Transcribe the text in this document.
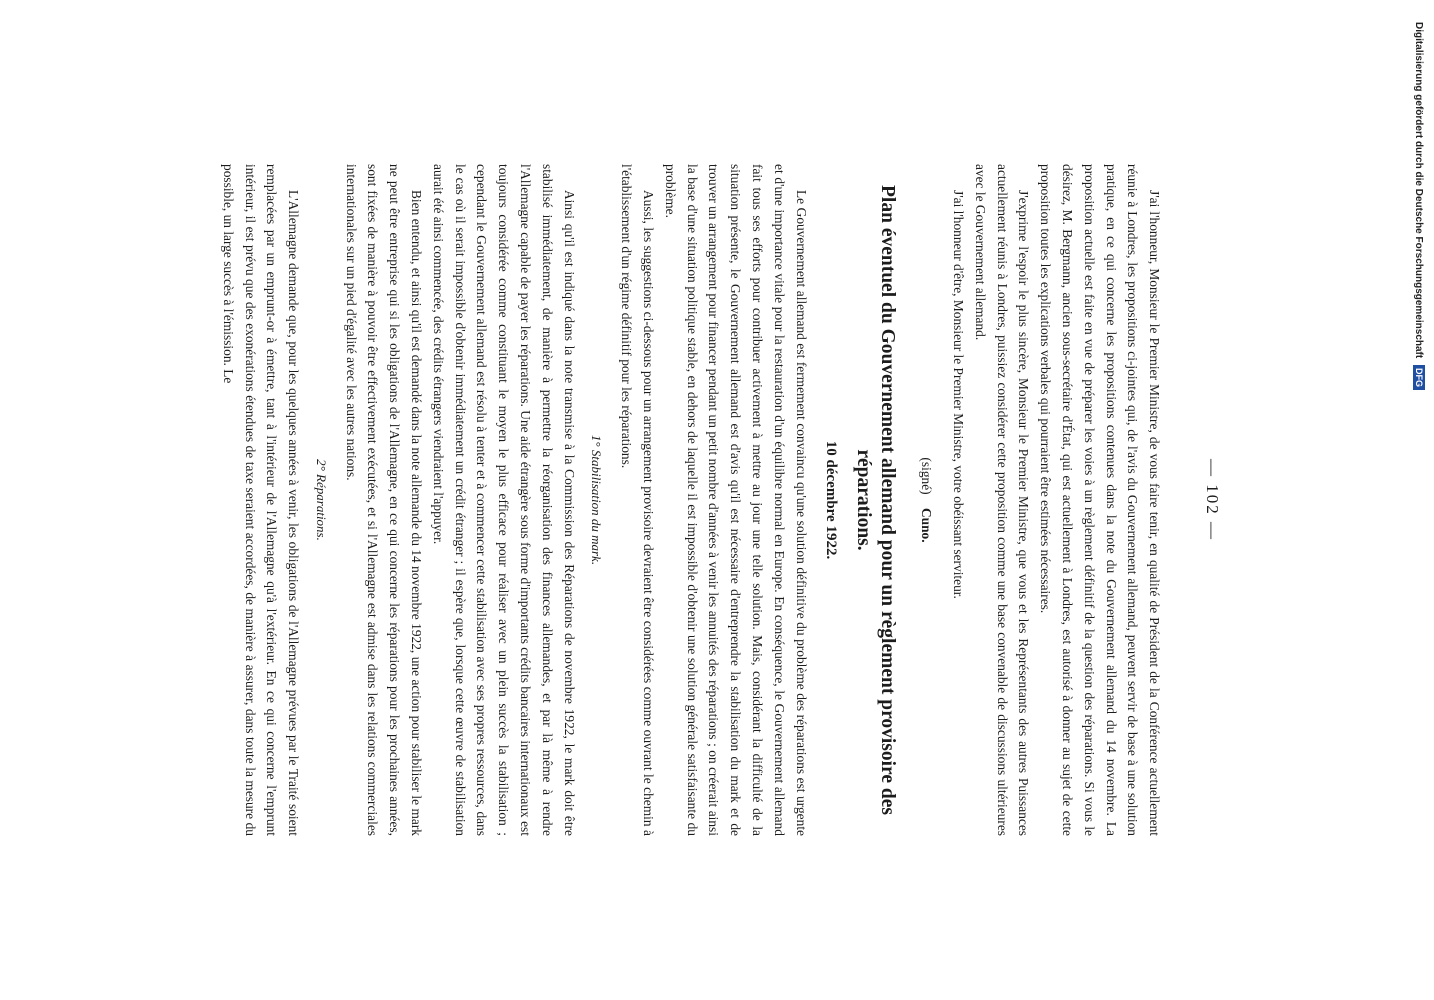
— 102 —

J'ai l'honneur, Monsieur le Premier Ministre, de vous faire tenir, en qualité de Président de la Conférence actuellement réunie à Londres, les propositions ci-jointes qui, de l'avis du Gouvernement allemand, peuvent servir de base à une solution pratique, en ce qui concerne les propositions contenues dans la note du Gouvernement allemand du 14 novembre. La proposition actuelle est faite en vue de préparer les voies à un règlement définitif de la question des réparations. Si vous le désirez, M. Bergmann, ancien sous-secrétaire d'État, qui est actuellement à Londres, est autorisé à donner au sujet de cette proposition toutes les explications verbales qui pourraient être estimées nécessaires.

J'exprime l'espoir le plus sincère, Monsieur le Premier Ministre, que vous et les Représentants des autres Puissances actuellement réunis à Londres, puissiez considérer cette proposition comme une base convenable de discussions ultérieures avec le Gouvernement allemand.

J'ai l'honneur d'être, Monsieur le Premier Ministre, votre obéissant serviteur.

(signé) Cuno.
Plan éventuel du Gouvernement allemand pour un règlement provisoire des réparations.
10 décembre 1922.

Le Gouvernement allemand est fermement convaincu qu'une solution définitive du problème des réparations est urgente et d'une importance vitale pour la restauration d'un équilibre normal en Europe. En conséquence, le Gouvernement allemand fait tous ses efforts pour contribuer activement à mettre au jour une telle solution. Mais, considérant la difficulté de la situation présente, le Gouvernement allemand est d'avis qu'il est nécessaire d'entreprendre la stabilisation du mark et de trouver un arrangement pour financer pendant un petit nombre d'années à venir les annuités des réparations ; on créerait ainsi la base d'une situation politique stable, en dehors de laquelle il est impossible d'obtenir une solution générale satisfaisante du problème.

Aussi, les suggestions ci-dessous pour un arrangement provisoire devraient être considérées comme ouvrant le chemin à l'établissement d'un régime définitif pour les réparations.

1° Stabilisation du mark.

Ainsi qu'il est indiqué dans la note transmise à la Commission des Réparations de novembre 1922, le mark doit être stabilisé immédiatement, de manière à permettre la réorganisation des finances allemandes, et par là même à rendre l'Allemagne capable de payer les réparations. Une aide étrangère sous forme d'importants crédits bancaires internationaux est toujours considérée comme constituant le moyen le plus efficace pour réaliser avec un plein succès la stabilisation ; cependant le Gouvernement allemand est résolu à tenter et à commencer cette stabilisation avec ses propres ressources, dans le cas où il serait impossible d'obtenir immédiatement un crédit étranger ; il espère que, lorsque cette œuvre de stabilisation aurait été ainsi commencée, des crédits étrangers viendraient l'appuyer.

Bien entendu, et ainsi qu'il est demandé dans la note allemande du 14 novembre 1922, une action pour stabiliser le mark ne peut être entreprise qui si les obligations de l'Allemagne, en ce qui concerne les réparations pour les prochaines années, sont fixées de manière à pouvoir être effectivement exécutées, et si l'Allemagne est admise dans les relations commerciales internationales sur un pied d'égalité avec les autres nations.

2° Réparations.

L'Allemagne demande que, pour les quelques années à venir, les obligations de l'Allemagne prévues par le Traité soient remplacées par un emprunt-or à émettre, tant à l'intérieur de l'Allemagne qu'à l'extérieur. En ce qui concerne l'emprunt intérieur, il est prévu que des exonérations étendues de taxe seraient accordées, de manière à assurer, dans toute la mesure du possible, un large succès à l'émission. Le	Digitalisierung gefördert durch die Deutsche Forschungsgemeinschaft DFG
